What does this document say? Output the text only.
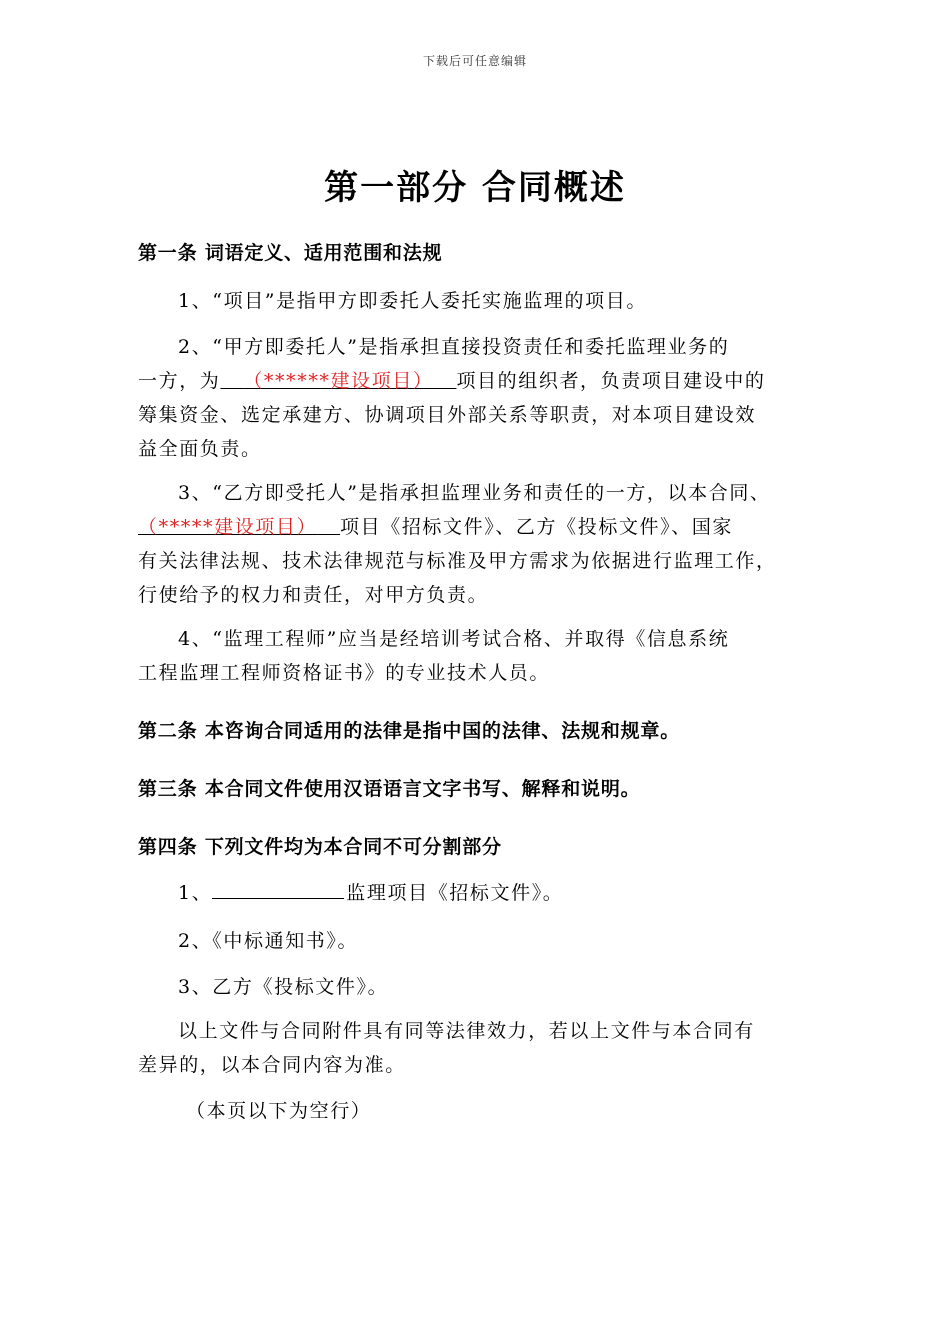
下载后可任意编辑
第一部分 合同概述
第一条 词语定义、适用范围和法规
1、“项目”是指甲方即委托人委托实施监理的项目。
2、“甲方即委托人”是指承担直接投资责任和委托监理业务的
一方，为 （******建设项目） 项目的组织者，负责项目建设中的
筹集资金、选定承建方、协调项目外部关系等职责，对本项目建设效
益全面负责。
3、“乙方即受托人”是指承担监理业务和责任的一方，以本合同、
（*****建设项目） 项目《招标文件》、乙方《投标文件》、国家
有关法律法规、技术法律规范与标准及甲方需求为依据进行监理工作，
行使给予的权力和责任，对甲方负责。
4、“监理工程师”应当是经培训考试合格、并取得《信息系统
工程监理工程师资格证书》的专业技术人员。
第二条 本咨询合同适用的法律是指中国的法律、法规和规章。
第三条 本合同文件使用汉语语言文字书写、解释和说明。
第四条 下列文件均为本合同不可分割部分
1、	监理项目《招标文件》。
2、《中标通知书》。
3、乙方《投标文件》。
以上文件与合同附件具有同等法律效力，若以上文件与本合同有
差异的，以本合同内容为准。
（本页以下为空行）
